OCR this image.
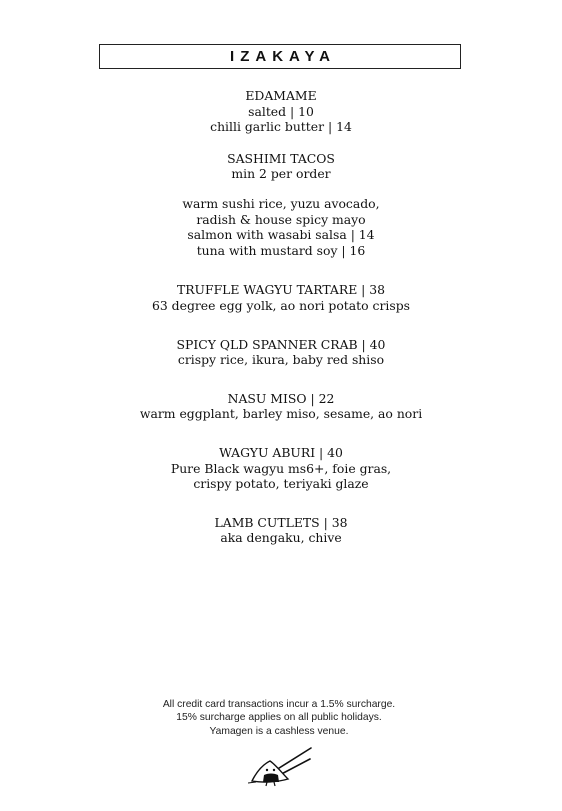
IZAKAYA
EDAMAME
salted | 10
chilli garlic butter | 14
SASHIMI TACOS
min 2 per order
warm sushi rice, yuzu avocado,
radish & house spicy mayo
salmon with wasabi salsa | 14
tuna with mustard soy | 16
TRUFFLE WAGYU TARTARE | 38
63 degree egg yolk, ao nori potato crisps
SPICY QLD SPANNER CRAB | 40
crispy rice, ikura, baby red shiso
NASU MISO | 22
warm eggplant, barley miso, sesame, ao nori
WAGYU ABURI | 40
Pure Black wagyu ms6+, foie gras,
crispy potato, teriyaki glaze
LAMB CUTLETS | 38
aka dengaku, chive
All credit card transactions incur a 1.5% surcharge.
15% surcharge applies on all public holidays.
Yamagen is a cashless venue.
